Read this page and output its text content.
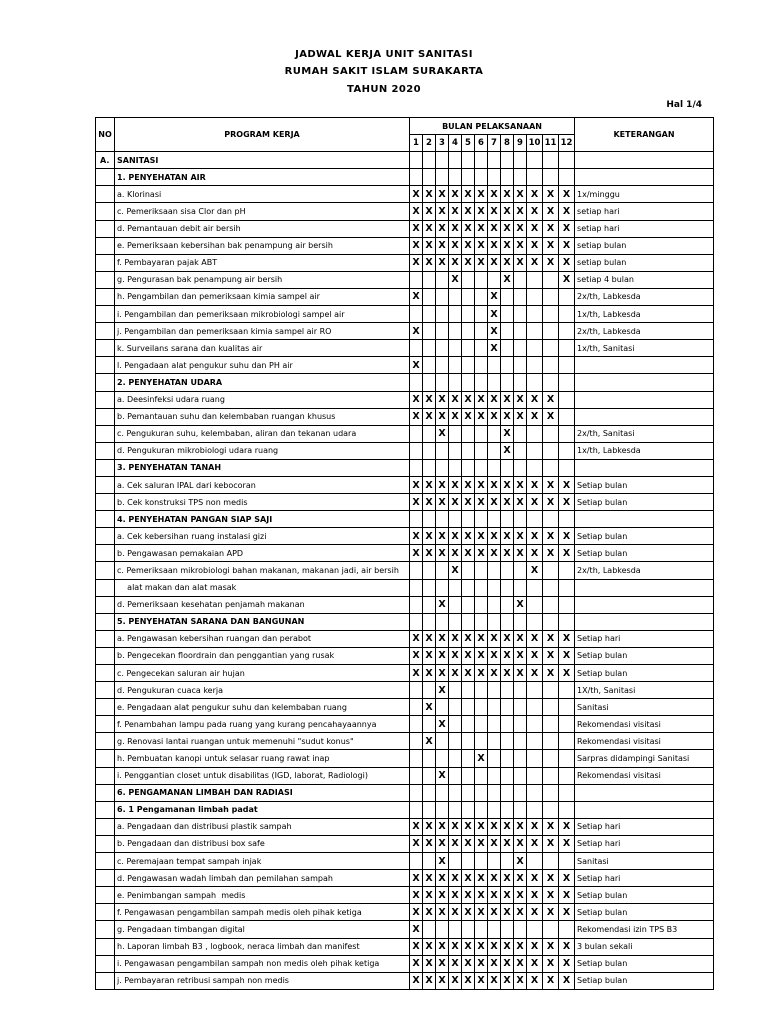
JADWAL KERJA UNIT SANITASI
RUMAH SAKIT ISLAM SURAKARTA
TAHUN 2020
Hal 1/4
NO	PROGRAM KERJA	BULAN PELAKSANAAN												KETERANGAN
		1	2	3	4	5	6	7	8	9	10	11	12	
A.	SANITASI													
	1. PENYEHATAN AIR													
	a. Klorinasi	X	X	X	X	X	X	X	X	X	X	X	X	1x/minggu
	c. Pemeriksaan sisa Clor dan pH	X	X	X	X	X	X	X	X	X	X	X	X	setiap hari
	d. Pemantauan debit air bersih	X	X	X	X	X	X	X	X	X	X	X	X	setiap hari
	e. Pemeriksaan kebersihan bak penampung air bersih	X	X	X	X	X	X	X	X	X	X	X	X	setiap bulan
	f. Pembayaran pajak ABT	X	X	X	X	X	X	X	X	X	X	X	X	setiap bulan
	g. Pengurasan bak penampung air bersih				X				X				X	setiap 4 bulan
	h. Pengambilan dan pemeriksaan kimia sampel air	X						X						2x/th, Labkesda
	i. Pengambilan dan pemeriksaan mikrobiologi sampel air							X						1x/th, Labkesda
	j. Pengambilan dan pemeriksaan kimia sampel air RO	X						X						2x/th, Labkesda
	k. Surveilans sarana dan kualitas air							X						1x/th, Sanitasi
	l. Pengadaan alat pengukur suhu dan PH air	X												
	2. PENYEHATAN UDARA													
	a. Deesinfeksi udara ruang	X	X	X	X	X	X	X	X	X	X	X		
	b. Pemantauan suhu dan kelembaban ruangan khusus	X	X	X	X	X	X	X	X	X	X	X		
	c. Pengukuran suhu, kelembaban, aliran dan tekanan udara			X					X					2x/th, Sanitasi
	d. Pengukuran mikrobiologi udara ruang								X					1x/th, Labkesda
	3. PENYEHATAN TANAH													
	a. Cek saluran IPAL dari kebocoran	X	X	X	X	X	X	X	X	X	X	X	X	Setiap bulan
	b. Cek konstruksi TPS non medis	X	X	X	X	X	X	X	X	X	X	X	X	Setiap bulan
	4. PENYEHATAN PANGAN SIAP SAJI													
	a. Cek kebersihan ruang instalasi gizi	X	X	X	X	X	X	X	X	X	X	X	X	Setiap bulan
	b. Pengawasan pemakaian APD	X	X	X	X	X	X	X	X	X	X	X	X	Setiap bulan
	c. Pemeriksaan mikrobiologi bahan makanan, makanan jadi, air bersih				X						X			2x/th, Labkesda
	alat makan dan alat masak													
	d. Pemeriksaan kesehatan penjamah makanan			X						X				
	5. PENYEHATAN SARANA DAN BANGUNAN													
	a. Pengawasan kebersihan ruangan dan perabot	X	X	X	X	X	X	X	X	X	X	X	X	Setiap hari
	b. Pengecekan floordrain dan penggantian yang rusak	X	X	X	X	X	X	X	X	X	X	X	X	Setiap bulan
	c. Pengecekan saluran air hujan	X	X	X	X	X	X	X	X	X	X	X	X	Setiap bulan
	d. Pengukuran cuaca kerja			X										1X/th, Sanitasi
	e. Pengadaan alat pengukur suhu dan kelembaban ruang		X											Sanitasi
	f. Penambahan lampu pada ruang yang kurang pencahayaannya			X										Rekomendasi visitasi
	g. Renovasi lantai ruangan untuk memenuhi "sudut konus"		X											Rekomendasi visitasi
	h. Pembuatan kanopi untuk selasar ruang rawat inap						X							Sarpras didampingi Sanitasi
	i. Penggantian closet untuk disabilitas (IGD, laborat, Radiologi)			X										Rekomendasi visitasi
	6. PENGAMANAN LIMBAH DAN RADIASI													
	6. 1 Pengamanan limbah padat													
	a. Pengadaan dan distribusi plastik sampah	X	X	X	X	X	X	X	X	X	X	X	X	Setiap hari
	b. Pengadaan dan distribusi box safe	X	X	X	X	X	X	X	X	X	X	X	X	Setiap hari
	c. Peremajaan tempat sampah injak			X						X				Sanitasi
	d. Pengawasan wadah limbah dan pemilahan sampah	X	X	X	X	X	X	X	X	X	X	X	X	Setiap hari
	e. Penimbangan sampah  medis	X	X	X	X	X	X	X	X	X	X	X	X	Setiap bulan
	f. Pengawasan pengambilan sampah medis oleh pihak ketiga	X	X	X	X	X	X	X	X	X	X	X	X	Setiap bulan
	g. Pengadaan timbangan digital	X												Rekomendasi izin TPS B3
	h. Laporan limbah B3 , logbook, neraca limbah dan manifest	X	X	X	X	X	X	X	X	X	X	X	X	3 bulan sekali
	i. Pengawasan pengambilan sampah non medis oleh pihak ketiga	X	X	X	X	X	X	X	X	X	X	X	X	Setiap bulan
	j. Pembayaran retribusi sampah non medis	X	X	X	X	X	X	X	X	X	X	X	X	Setiap bulan
